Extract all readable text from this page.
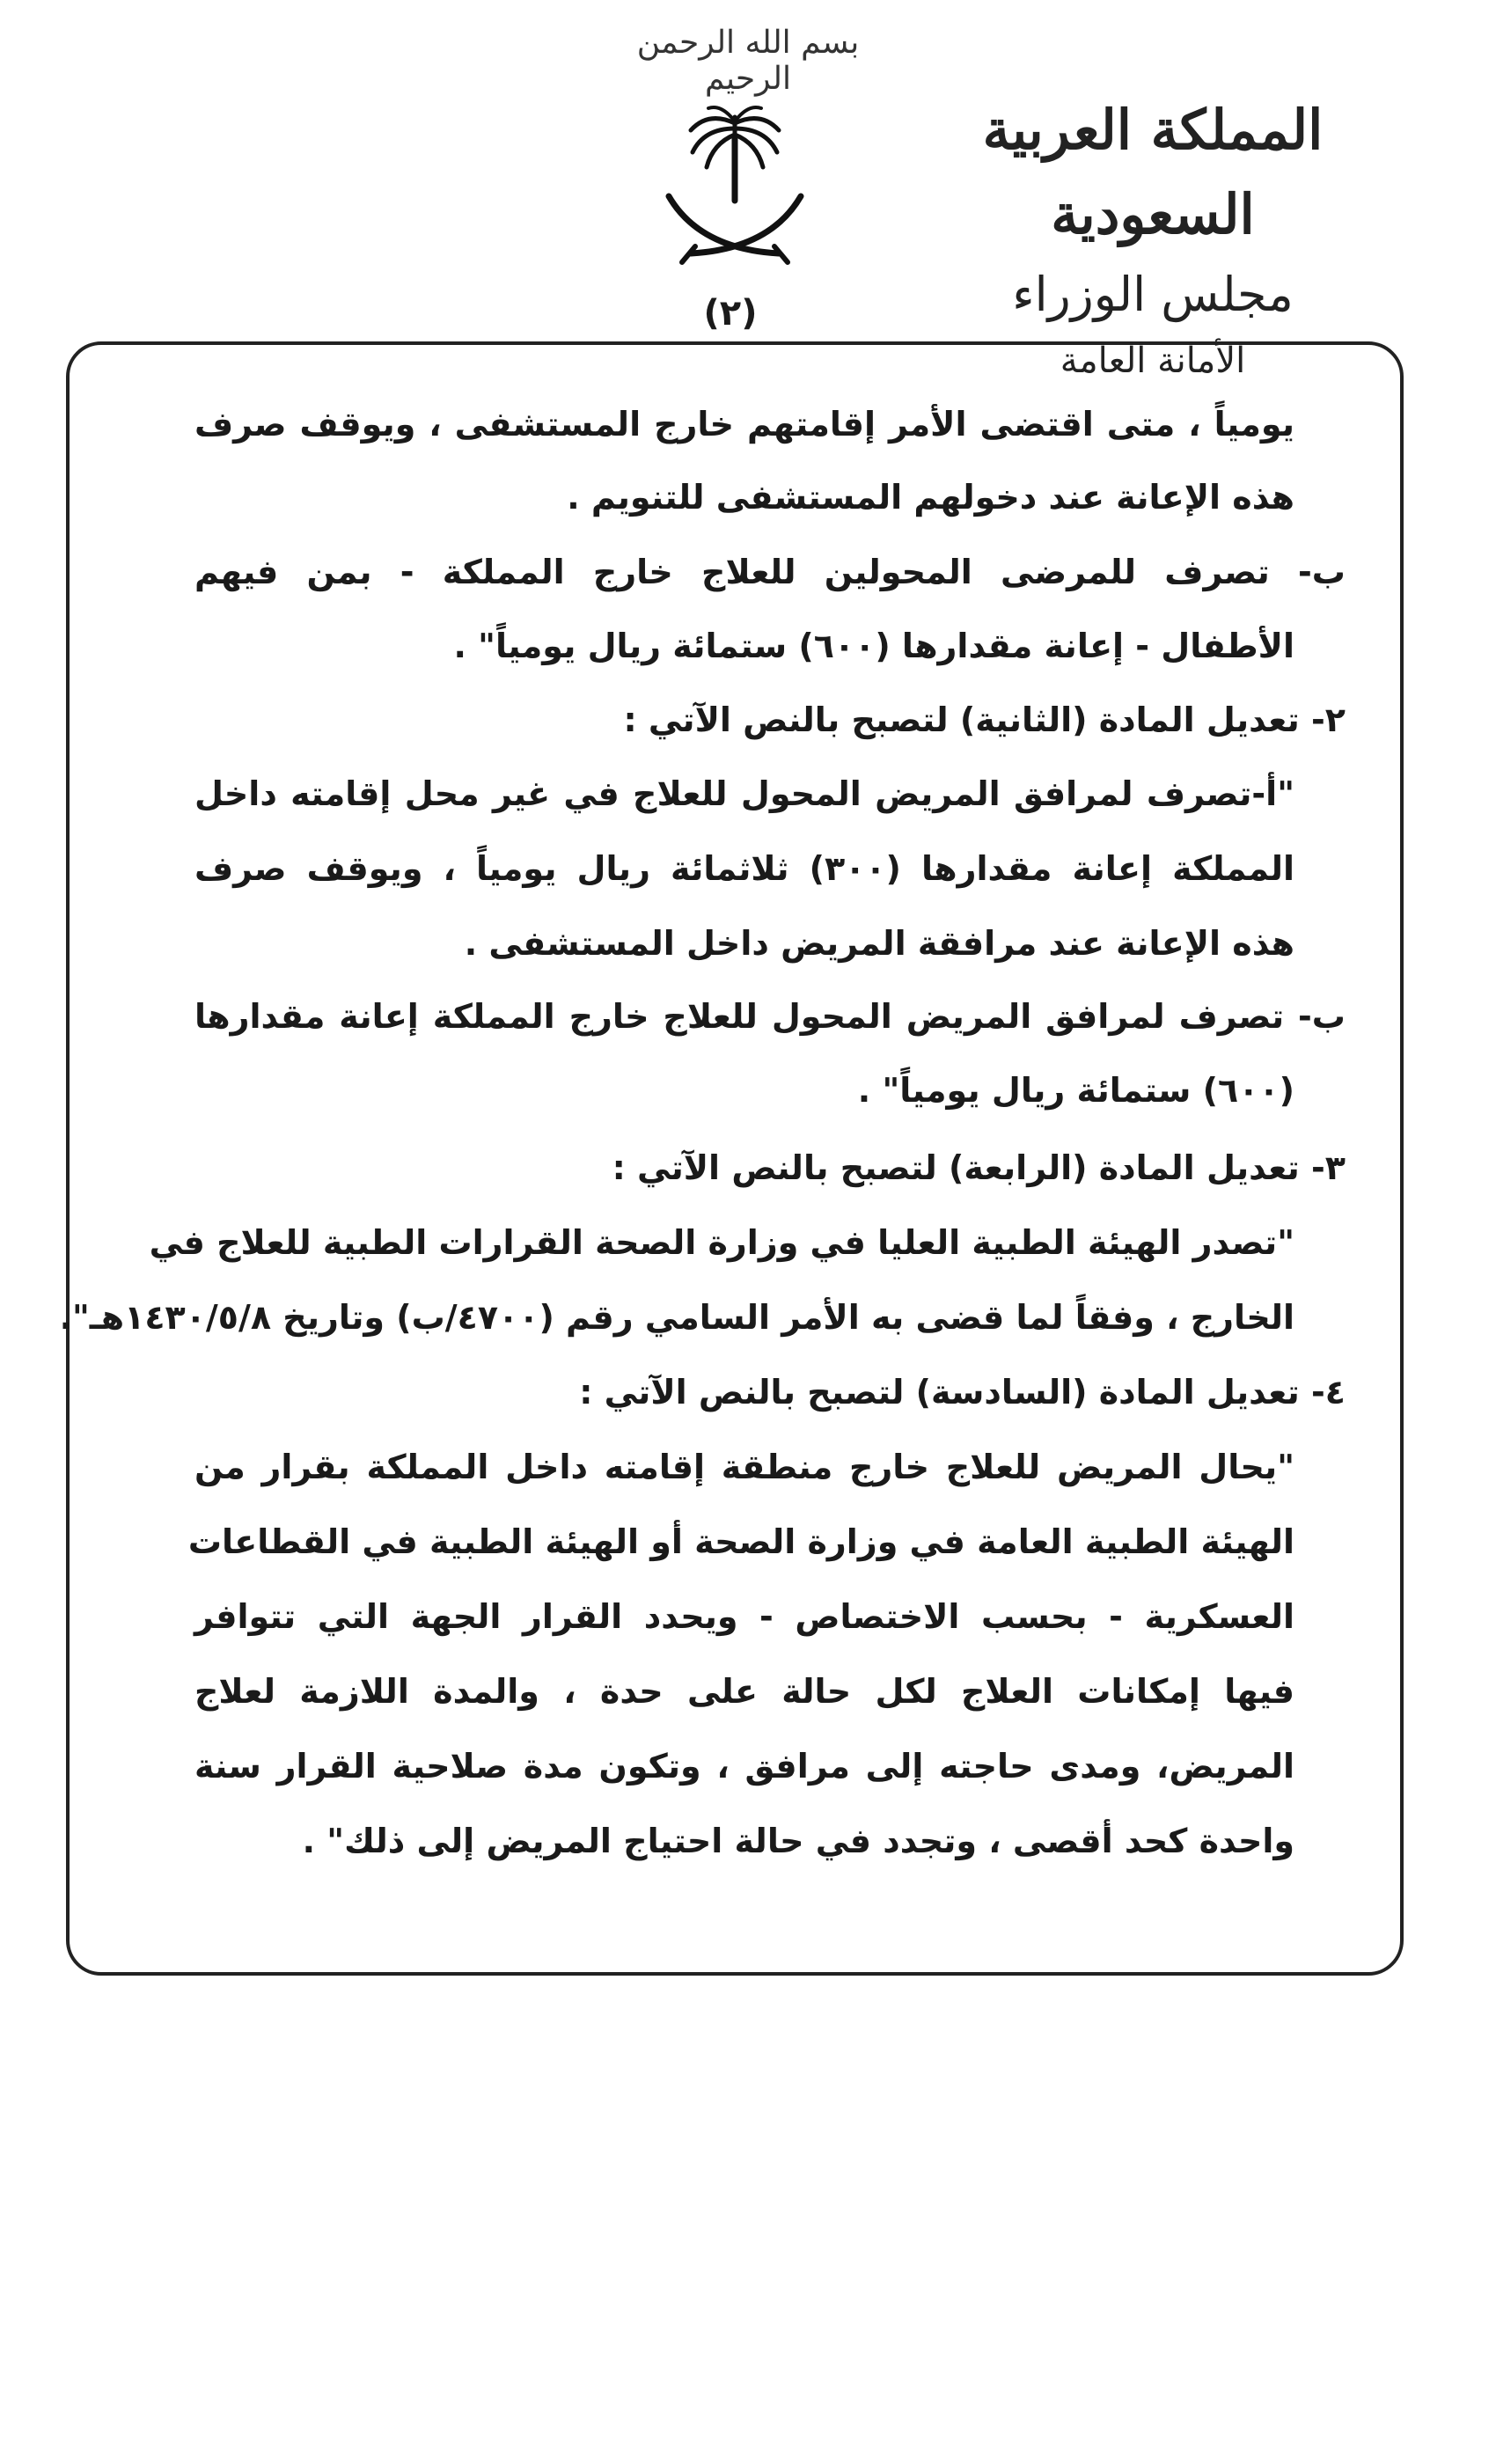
بسم الله الرحمن الرحيم
المملكة العربية السعودية
مجلس الوزراء
الأمانة العامة
(٢)
يومياً ، متى اقتضى الأمر إقامتهم خارج المستشفى ، ويوقف صرف
هذه الإعانة عند دخولهم المستشفى للتنويم .
ب- تصرف للمرضى المحولين للعلاج خارج المملكة - بمن فيهم
الأطفال - إعانة مقدارها (٦٠٠) ستمائة ريال يومياً" .
٢- تعديل المادة (الثانية) لتصبح بالنص الآتي :
"أ-تصرف لمرافق المريض المحول للعلاج في غير محل إقامته داخل
المملكة إعانة مقدارها (٣٠٠) ثلاثمائة ريال يومياً ، ويوقف صرف
هذه الإعانة عند مرافقة المريض داخل المستشفى .
ب- تصرف لمرافق المريض المحول للعلاج خارج المملكة إعانة مقدارها
(٦٠٠) ستمائة ريال يومياً" .
٣- تعديل المادة (الرابعة) لتصبح بالنص الآتي :
"تصدر الهيئة الطبية العليا في وزارة الصحة القرارات الطبية للعلاج في
الخارج ، وفقاً لما قضى به الأمر السامي رقم (٤٧٠٠/ب) وتاريخ ١٤٣٠/٥/٨هـ".
٤- تعديل المادة (السادسة) لتصبح بالنص الآتي :
"يحال المريض للعلاج خارج منطقة إقامته داخل المملكة بقرار من
الهيئة الطبية العامة في وزارة الصحة أو الهيئة الطبية في القطاعات
العسكرية - بحسب الاختصاص - ويحدد القرار الجهة التي تتوافر
فيها إمكانات العلاج لكل حالة على حدة ، والمدة اللازمة لعلاج
المريض، ومدى حاجته إلى مرافق ، وتكون مدة صلاحية القرار سنة
واحدة كحد أقصى ، وتجدد في حالة احتياج المريض إلى ذلك" .
